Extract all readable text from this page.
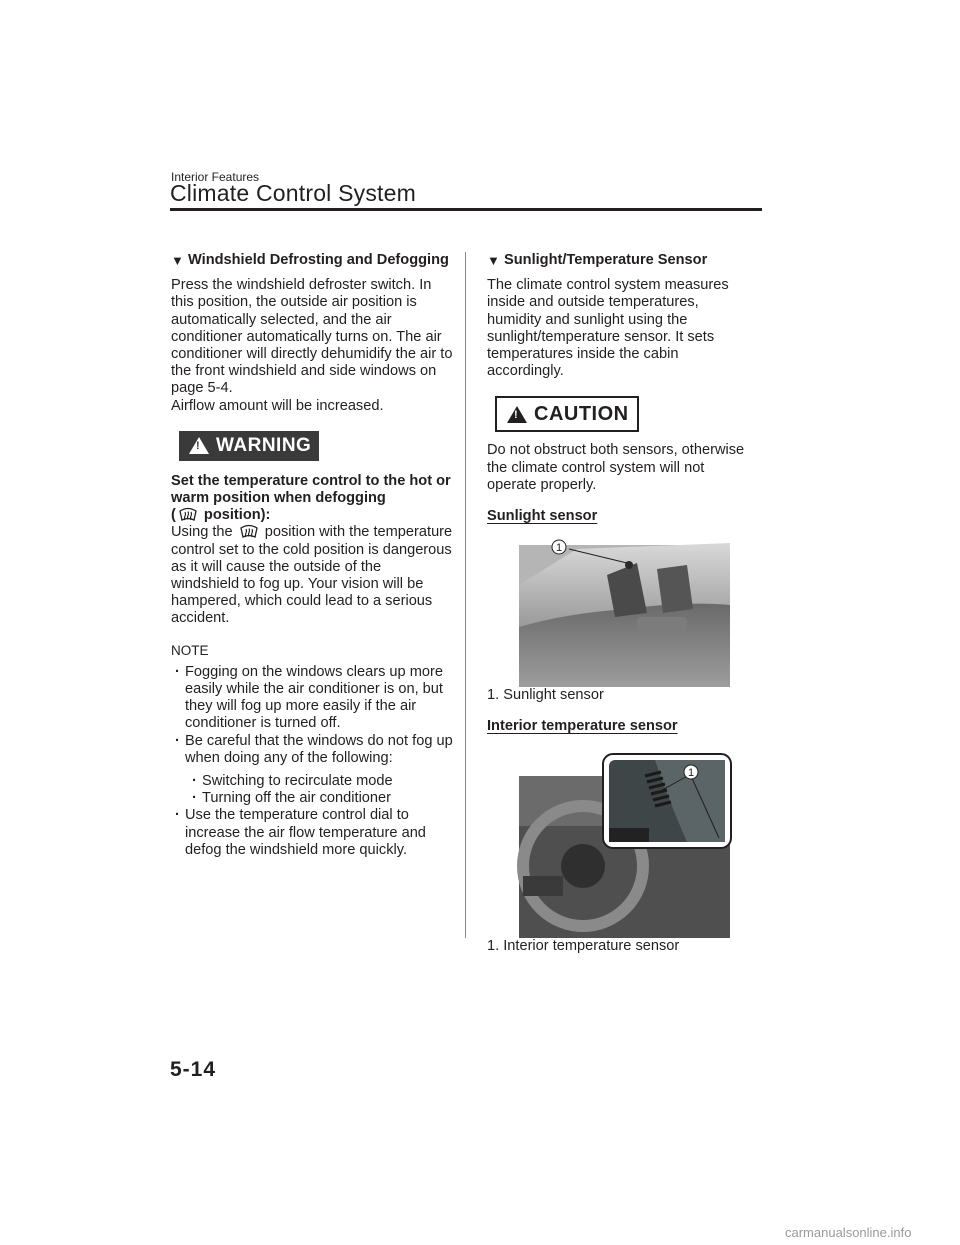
Interior Features
Climate Control System
▼ Windshield Defrosting and Defogging

Press the windshield defroster switch. In this position, the outside air position is automatically selected, and the air conditioner automatically turns on. The air conditioner will directly dehumidify the air to the front windshield and side windows on page 5-4.

Airflow amount will be increased.

! WARNING
Set the temperature control to the hot or warm position when defogging
( position):

Using the  position with the temperature control set to the cold position is dangerous as it will cause the outside of the windshield to fog up. Your vision will be hampered, which could lead to a serious accident.

NOTE
· Fogging on the windows clears up more easily while the air conditioner is on, but they will fog up more easily if the air conditioner is turned off.
· Be careful that the windows do not fog up when doing any of the following:
· Switching to recirculate mode
· Turning off the air conditioner
· Use the temperature control dial to increase the air flow temperature and defog the windshield more quickly.
▼ Sunlight/Temperature Sensor

The climate control system measures inside and outside temperatures, humidity and sunlight using the sunlight/temperature sensor. It sets temperatures inside the cabin accordingly.

! CAUTION

Do not obstruct both sensors, otherwise the climate control system will not operate properly.

Sunlight sensor
1

1. Sunlight sensor

Interior temperature sensor
1

1. Interior temperature sensor

5-14
carmanualsonline.info
